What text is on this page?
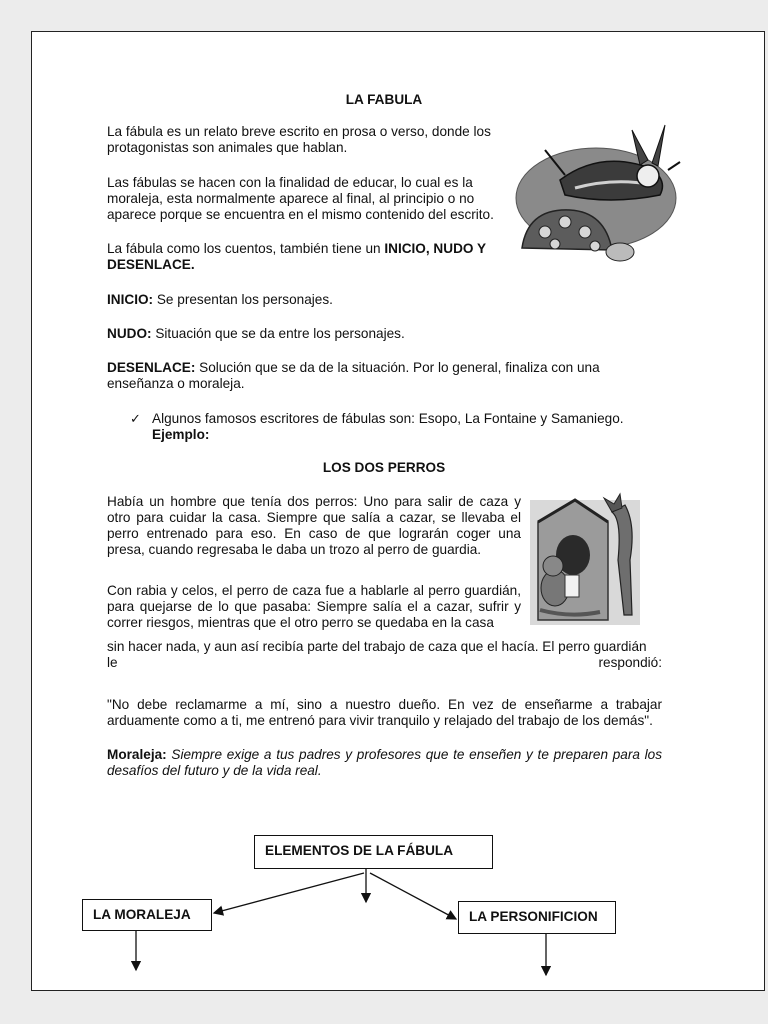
LA FABULA

La fábula es un relato breve escrito en prosa o verso, donde los protagonistas son animales que hablan.

Las fábulas se hacen con la finalidad de educar, lo cual es la moraleja, esta normalmente aparece al final, al principio o no aparece porque se encuentra en el mismo contenido del escrito.

La fábula como los cuentos, también tiene un INICIO, NUDO Y DESENLACE.

INICIO: Se presentan los personajes.

NUDO: Situación que se da entre los personajes.

DESENLACE: Solución que se da de la situación. Por lo general, finaliza con una enseñanza o moraleja.

✓ Algunos famosos escritores de fábulas son: Esopo, La Fontaine y Samaniego.

Ejemplo:

LOS DOS PERROS

Había un hombre que tenía dos perros: Uno para salir de caza y otro para cuidar la casa. Siempre que salía a cazar, se llevaba el perro entrenado para eso. En caso de que lograrán coger una presa, cuando regresaba le daba un trozo al perro de guardia.

Con rabia y celos, el perro de caza fue a hablarle al perro guardián, para quejarse de lo que pasaba: Siempre salía el a cazar, sufrir y correr riesgos, mientras que el otro perro se quedaba en la casa

sin hacer nada, y aun así recibía parte del trabajo de caza que el hacía. El perro guardián

le	respondió:

"No debe reclamarme a mí, sino a nuestro dueño. En vez de enseñarme a trabajar arduamente como a ti, me entrenó para vivir tranquilo y relajado del trabajo de los demás".

Moraleja: Siempre exige a tus padres y profesores que te enseñen y te preparen para los desafíos del futuro y de la vida real.

ELEMENTOS DE LA FÁBULA
LA MORALEJA	LA PERSONIFICION
